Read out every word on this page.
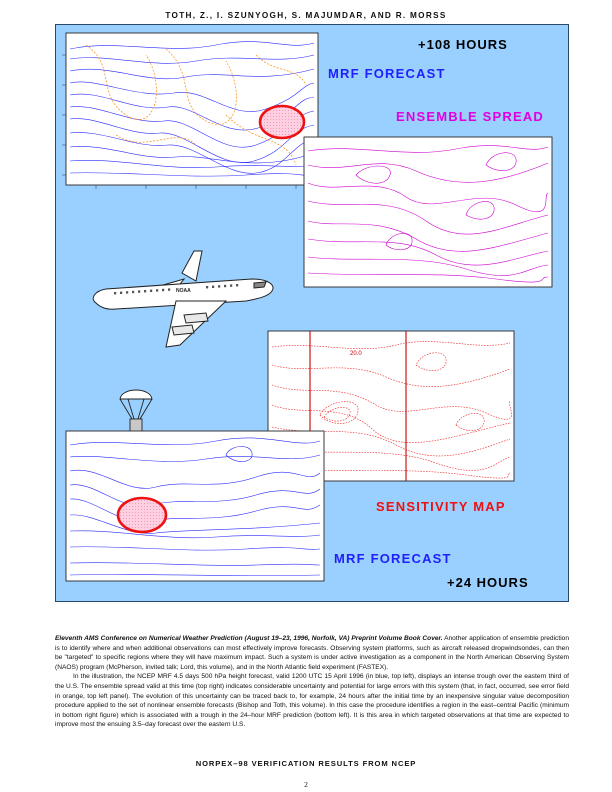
TOTH, Z., I. SZUNYOGH, S. MAJUMDAR, AND R. MORSS
NOAA
20.0
+108 HOURS
MRF FORECAST
ENSEMBLE SPREAD
SENSITIVITY MAP
MRF FORECAST
+24 HOURS

Eleventh AMS Conference on Numerical Weather Prediction (August 19–23, 1996, Norfolk, VA) Preprint Volume Book Cover. Another application of ensemble prediction is to identify where and when additional observations can most effectively improve forecasts. Observing system platforms, such as aircraft released dropwindsondes, can then be "targeted" to specific regions where they will have maximum impact. Such a system is under active investigation as a component in the North American Observing System (NAOS) program (McPherson, invited talk; Lord, this volume), and in the North Atlantic field experiment (FASTEX).

In the illustration, the NCEP MRF 4.5 days 500 hPa height forecast, valid 1200 UTC 15 April 1996 (in blue, top left), displays an intense trough over the eastern third of the U.S. The ensemble spread valid at this time (top right) indicates considerable uncertainty and potential for large errors with this system (that, in fact, occurred, see error field in orange, top left panel). The evolution of this uncertainty can be traced back to, for example, 24 hours after the initial time by an inexpensive singular value decomposition procedure applied to the set of nonlinear ensemble forecasts (Bishop and Toth, this volume). In this case the procedure identifies a region in the east–central Pacific (minimum in bottom right figure) which is associated with a trough in the 24–hour MRF prediction (bottom left). It is this area in which targeted observations at that time are expected to improve most the ensuing 3.5–day forecast over the eastern U.S.

NORPEX–98 VERIFICATION RESULTS FROM NCEP
2
